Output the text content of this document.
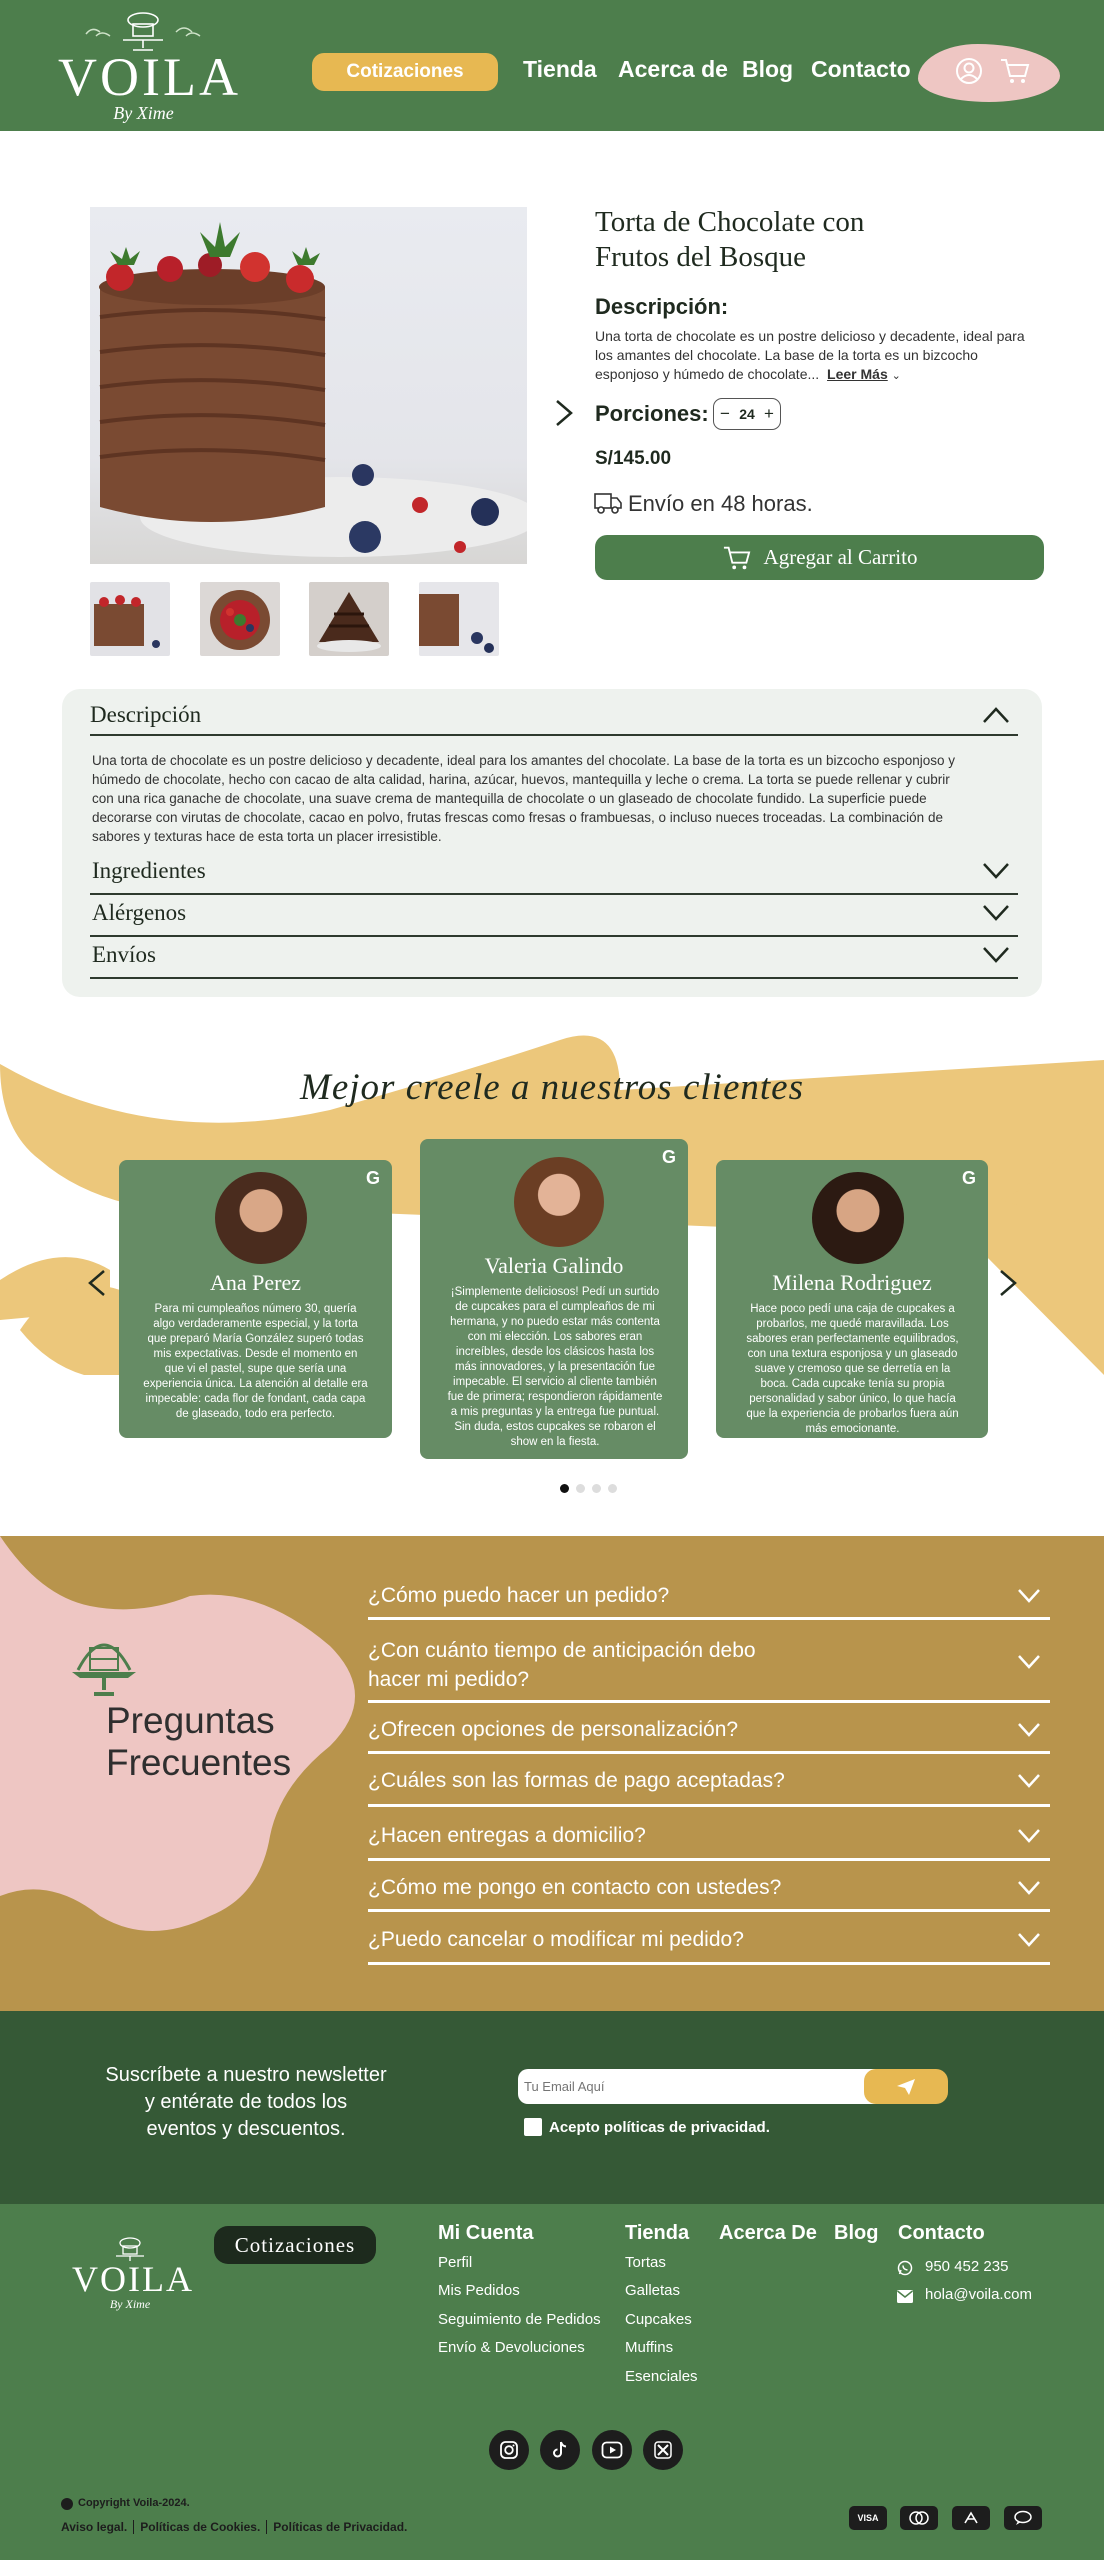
VOILA
By Xime
Cotizaciones	Tienda Acerca de Blog Contacto
Torta de Chocolate con
Frutos del Bosque
Descripción:
Una torta de chocolate es un postre delicioso y decadente, ideal para los amantes del chocolate. La base de la torta es un bizcocho esponjoso y húmedo de chocolate... Leer Más ⌄
Porciones: − 24 +
S/145.00
Envío en 48 horas.
Agregar al Carrito
Descripción
Una torta de chocolate es un postre delicioso y decadente, ideal para los amantes del chocolate. La base de la torta es un bizcocho esponjoso y húmedo de chocolate, hecho con cacao de alta calidad, harina, azúcar, huevos, mantequilla y leche o crema. La torta se puede rellenar y cubrir con una rica ganache de chocolate, una suave crema de mantequilla de chocolate o un glaseado de chocolate fundido. La superficie puede decorarse con virutas de chocolate, cacao en polvo, frutas frescas como fresas o frambuesas, o incluso nueces troceadas. La combinación de sabores y texturas hace de esta torta un placer irresistible.
Ingredientes
Alérgenos
Envíos
Mejor creele a nuestros clientes
G
Ana Perez
Para mi cumpleaños número 30, quería algo verdaderamente especial, y la torta que preparó María González superó todas mis expectativas. Desde el momento en que vi el pastel, supe que sería una experiencia única. La atención al detalle era impecable: cada flor de fondant, cada capa de glaseado, todo era perfecto.
G
Valeria Galindo
¡Simplemente deliciosos! Pedí un surtido de cupcakes para el cumpleaños de mi hermana, y no puedo estar más contenta con mi elección. Los sabores eran increíbles, desde los clásicos hasta los más innovadores, y la presentación fue impecable. El servicio al cliente también fue de primera; respondieron rápidamente a mis preguntas y la entrega fue puntual. Sin duda, estos cupcakes se robaron el show en la fiesta.
G
Milena Rodriguez
Hace poco pedí una caja de cupcakes a probarlos, me quedé maravillada. Los sabores eran perfectamente equilibrados, con una textura esponjosa y un glaseado suave y cremoso que se derretía en la boca. Cada cupcake tenía su propia personalidad y sabor único, lo que hacía que la experiencia de probarlos fuera aún más emocionante.
Preguntas
Frecuentes
¿Cómo puedo hacer un pedido?
¿Con cuánto tiempo de anticipación debo hacer mi pedido?
¿Ofrecen opciones de personalización?
¿Cuáles son las formas de pago aceptadas?
¿Hacen entregas a domicilio?
¿Cómo me pongo en contacto con ustedes?
¿Puedo cancelar o modificar mi pedido?
Suscríbete a nuestro newsletter
y entérate de todos los
eventos y descuentos.
Tu Email Aquí	Acepto políticas de privacidad.
VOILA
By Xime
Cotizaciones	Mi Cuenta
Perfil
Mis Pedidos
Seguimiento de Pedidos
Envío & Devoluciones
Tienda
Tortas
Galletas
Cupcakes
Muffins
Esenciales
Acerca De Blog Contacto
950 452 235
hola@voila.com
Copyright Voila-2024.
Aviso legal. Políticas de Cookies. Políticas de Privacidad.
VISA
